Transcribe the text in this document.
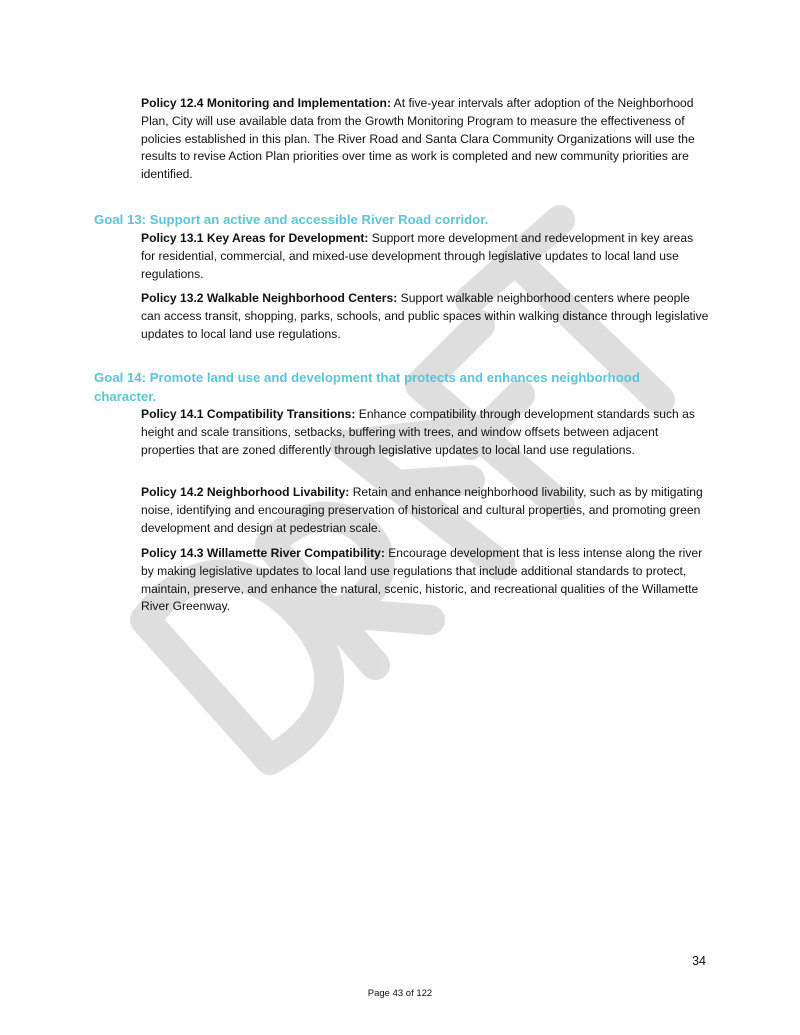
Policy 12.4 Monitoring and Implementation: At five-year intervals after adoption of the Neighborhood Plan, City will use available data from the Growth Monitoring Program to measure the effectiveness of policies established in this plan. The River Road and Santa Clara Community Organizations will use the results to revise Action Plan priorities over time as work is completed and new community priorities are identified.

Goal 13: Support an active and accessible River Road corridor.

Policy 13.1 Key Areas for Development: Support more development and redevelopment in key areas for residential, commercial, and mixed-use development through legislative updates to local land use regulations.

Policy 13.2 Walkable Neighborhood Centers: Support walkable neighborhood centers where people can access transit, shopping, parks, schools, and public spaces within walking distance through legislative updates to local land use regulations.

Goal 14: Promote land use and development that protects and enhances neighborhood character.

Policy 14.1 Compatibility Transitions: Enhance compatibility through development standards such as height and scale transitions, setbacks, buffering with trees, and window offsets between adjacent properties that are zoned differently through legislative updates to local land use regulations.

Policy 14.2 Neighborhood Livability: Retain and enhance neighborhood livability, such as by mitigating noise, identifying and encouraging preservation of historical and cultural properties, and promoting green development and design at pedestrian scale.

Policy 14.3 Willamette River Compatibility: Encourage development that is less intense along the river by making legislative updates to local land use regulations that include additional standards to protect, maintain, preserve, and enhance the natural, scenic, historic, and recreational qualities of the Willamette River Greenway.

34
Page 43 of 122
